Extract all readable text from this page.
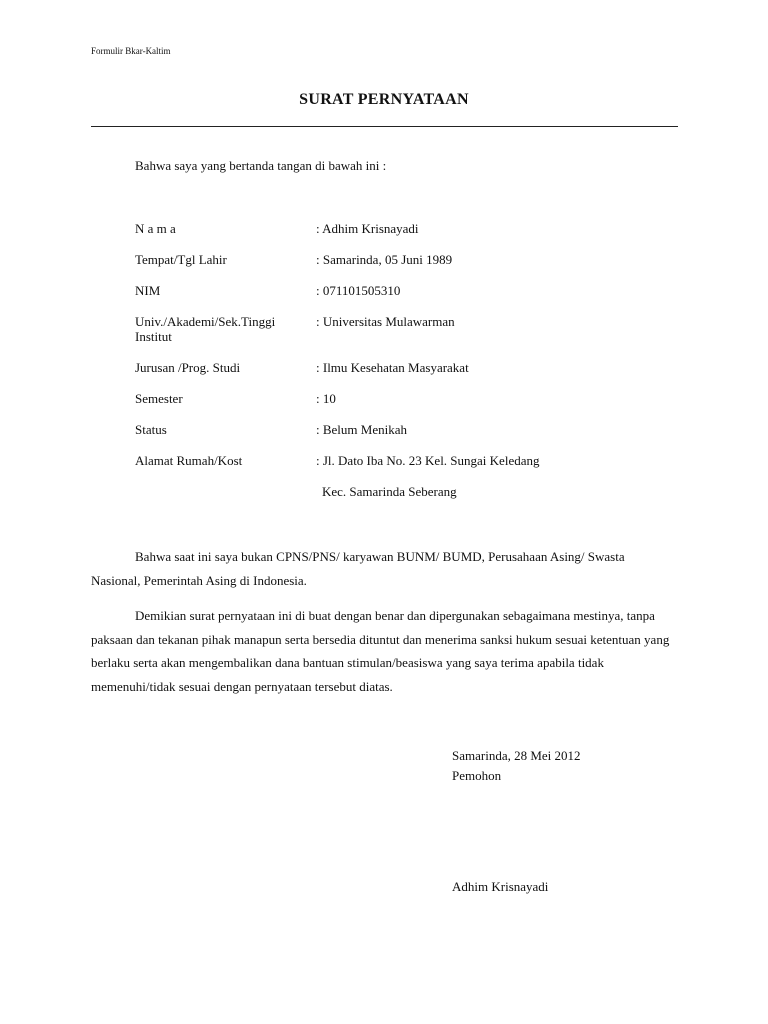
Formulir Bkar-Kaltim
SURAT PERNYATAAN
Bahwa saya yang bertanda tangan di bawah ini :
N a m a	: Adhim Krisnayadi
Tempat/Tgl Lahir	: Samarinda, 05 Juni 1989
NIM	: 071101505310
Univ./Akademi/Sek.Tinggi Institut
: Universitas Mulawarman
Jurusan /Prog. Studi	: Ilmu Kesehatan Masyarakat
Semester	: 10
Status	: Belum Menikah
Alamat Rumah/Kost	: Jl. Dato Iba No. 23 Kel. Sungai Keledang
Kec. Samarinda Seberang
Bahwa saat ini saya bukan CPNS/PNS/ karyawan BUNM/ BUMD, Perusahaan Asing/ Swasta Nasional, Pemerintah Asing di Indonesia.
Demikian surat pernyataan ini di buat dengan benar dan dipergunakan sebagaimana mestinya, tanpa paksaan dan tekanan pihak manapun serta bersedia dituntut dan menerima sanksi hukum sesuai ketentuan yang berlaku serta akan mengembalikan dana bantuan stimulan/beasiswa yang saya terima apabila tidak memenuhi/tidak sesuai dengan pernyataan tersebut diatas.
Samarinda, 28 Mei 2012
Pemohon
Adhim Krisnayadi
